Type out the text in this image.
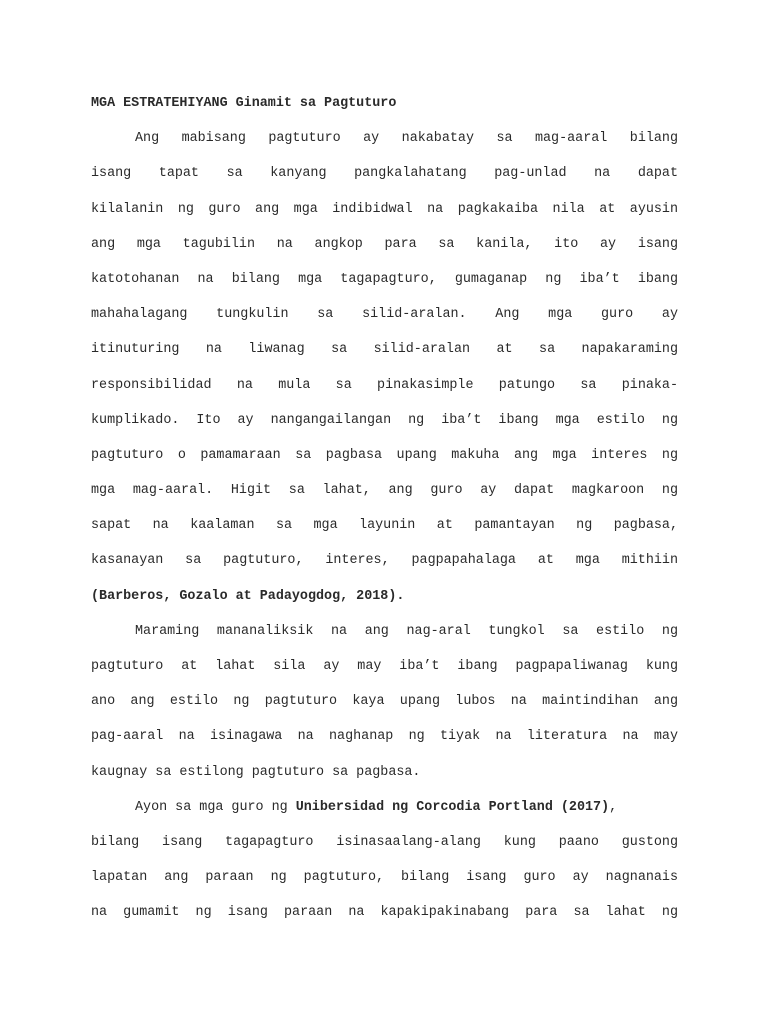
MGA ESTRATEHIYANG Ginamit sa Pagtuturo
Ang mabisang pagtuturo ay nakabatay sa mag-aaral bilang
isang tapat sa kanyang pangkalahatang pag-unlad na dapat
kilalanin ng guro ang mga indibidwal na pagkakaiba nila at ayusin
ang mga tagubilin na angkop para sa kanila, ito ay isang
katotohanan na bilang mga tagapagturo, gumaganap ng iba’t ibang
mahahalagang tungkulin sa silid-aralan. Ang mga guro ay
itinuturing na liwanag sa silid-aralan at sa napakaraming
responsibilidad na mula sa pinakasimple patungo sa pinaka-
kumplikado. Ito ay nangangailangan ng iba’t ibang mga estilo ng
pagtuturo o pamamaraan sa pagbasa upang makuha ang mga interes ng
mga mag-aaral. Higit sa lahat, ang guro ay dapat magkaroon ng
sapat na kaalaman sa mga layunin at pamantayan ng pagbasa,
kasanayan sa pagtuturo, interes, pagpapahalaga at mga mithiin
(Barberos, Gozalo at Padayogdog, 2018).
Maraming mananaliksik na ang nag-aral tungkol sa estilo ng
pagtuturo at lahat sila ay may iba’t ibang pagpapaliwanag kung
ano ang estilo ng pagtuturo kaya upang lubos na maintindihan ang
pag-aaral na isinagawa na naghanap ng tiyak na literatura na may
kaugnay sa estilong pagtuturo sa pagbasa.
Ayon sa mga guro ng Unibersidad ng Corcodia Portland (2017),
bilang isang tagapagturo isinasaalang-alang kung paano gustong
lapatan ang paraan ng pagtuturo, bilang isang guro ay nagnanais
na gumamit ng isang paraan na kapakipakinabang para sa lahat ng
